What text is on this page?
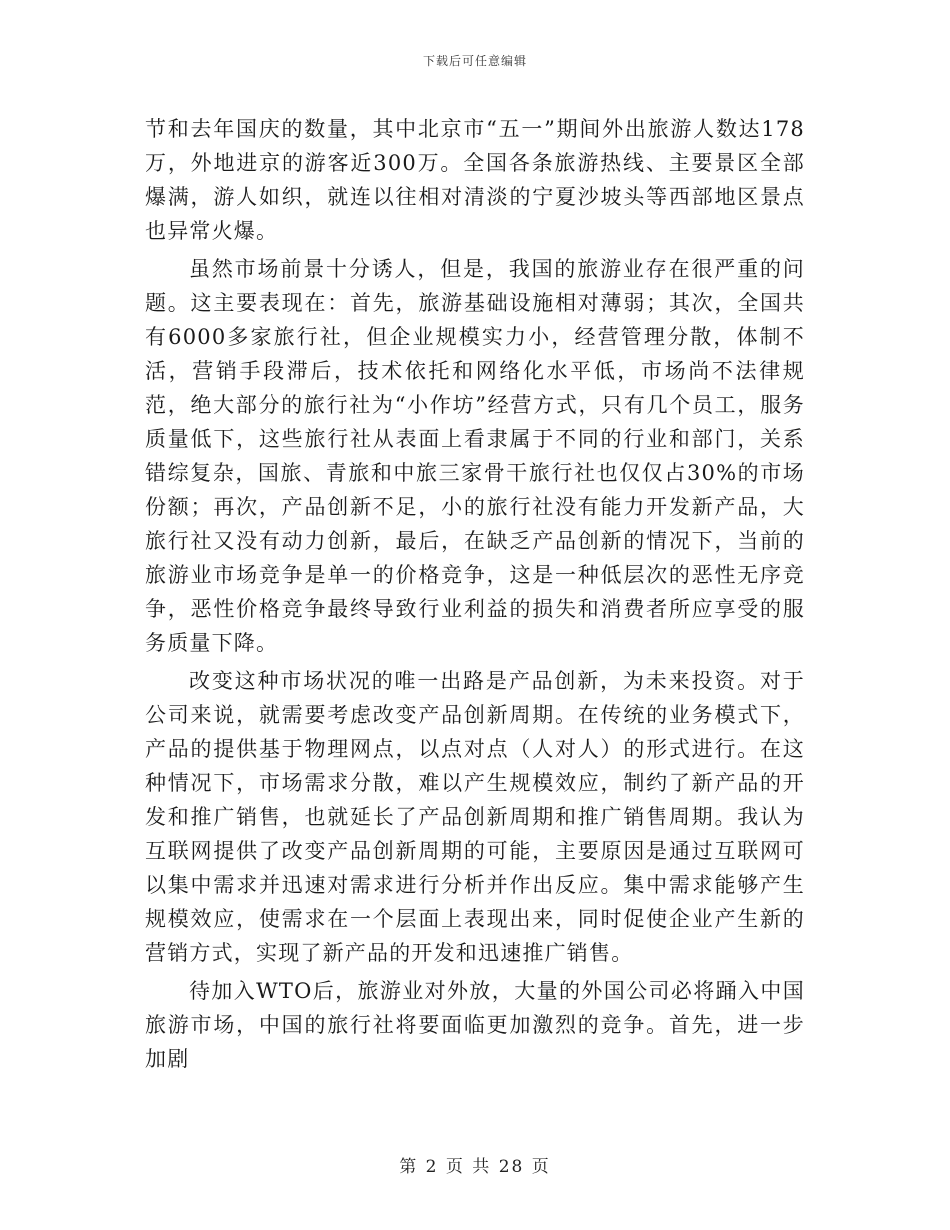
下载后可任意编辑

节和去年国庆的数量，其中北京市“五一”期间外出旅游人数达178万，外地进京的游客近300万。全国各条旅游热线、主要景区全部爆满，游人如织，就连以往相对清淡的宁夏沙坡头等西部地区景点也异常火爆。

虽然市场前景十分诱人，但是，我国的旅游业存在很严重的问题。这主要表现在：首先，旅游基础设施相对薄弱；其次，全国共有6000多家旅行社，但企业规模实力小，经营管理分散，体制不活，营销手段滞后，技术依托和网络化水平低，市场尚不法律规范，绝大部分的旅行社为“小作坊”经营方式，只有几个员工，服务质量低下，这些旅行社从表面上看隶属于不同的行业和部门，关系错综复杂，国旅、青旅和中旅三家骨干旅行社也仅仅占30%的市场份额；再次，产品创新不足，小的旅行社没有能力开发新产品，大旅行社又没有动力创新，最后，在缺乏产品创新的情况下，当前的旅游业市场竞争是单一的价格竞争，这是一种低层次的恶性无序竞争，恶性价格竞争最终导致行业利益的损失和消费者所应享受的服务质量下降。

改变这种市场状况的唯一出路是产品创新，为未来投资。对于公司来说，就需要考虑改变产品创新周期。在传统的业务模式下，产品的提供基于物理网点，以点对点（人对人）的形式进行。在这种情况下，市场需求分散，难以产生规模效应，制约了新产品的开发和推广销售，也就延长了产品创新周期和推广销售周期。我认为互联网提供了改变产品创新周期的可能，主要原因是通过互联网可以集中需求并迅速对需求进行分析并作出反应。集中需求能够产生规模效应，使需求在一个层面上表现出来，同时促使企业产生新的营销方式，实现了新产品的开发和迅速推广销售。

待加入WTO后，旅游业对外放，大量的外国公司必将踊入中国旅游市场，中国的旅行社将要面临更加激烈的竞争。首先，进一步加剧

第 2 页 共 28 页
